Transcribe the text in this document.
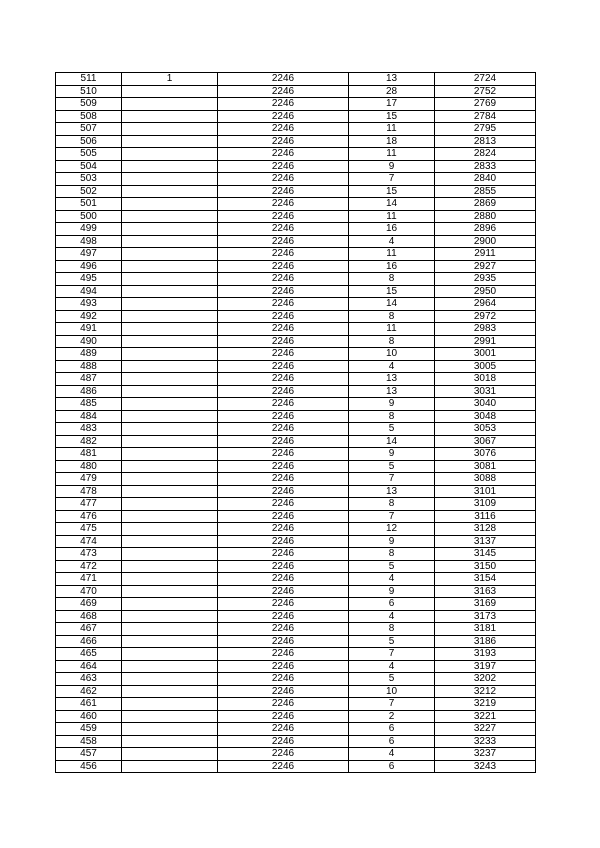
511	1	2246	13	2724
510		2246	28	2752
509		2246	17	2769
508		2246	15	2784
507		2246	11	2795
506		2246	18	2813
505		2246	11	2824
504		2246	9	2833
503		2246	7	2840
502		2246	15	2855
501		2246	14	2869
500		2246	11	2880
499		2246	16	2896
498		2246	4	2900
497		2246	11	2911
496		2246	16	2927
495		2246	8	2935
494		2246	15	2950
493		2246	14	2964
492		2246	8	2972
491		2246	11	2983
490		2246	8	2991
489		2246	10	3001
488		2246	4	3005
487		2246	13	3018
486		2246	13	3031
485		2246	9	3040
484		2246	8	3048
483		2246	5	3053
482		2246	14	3067
481		2246	9	3076
480		2246	5	3081
479		2246	7	3088
478		2246	13	3101
477		2246	8	3109
476		2246	7	3116
475		2246	12	3128
474		2246	9	3137
473		2246	8	3145
472		2246	5	3150
471		2246	4	3154
470		2246	9	3163
469		2246	6	3169
468		2246	4	3173
467		2246	8	3181
466		2246	5	3186
465		2246	7	3193
464		2246	4	3197
463		2246	5	3202
462		2246	10	3212
461		2246	7	3219
460		2246	2	3221
459		2246	6	3227
458		2246	6	3233
457		2246	4	3237
456		2246	6	3243
